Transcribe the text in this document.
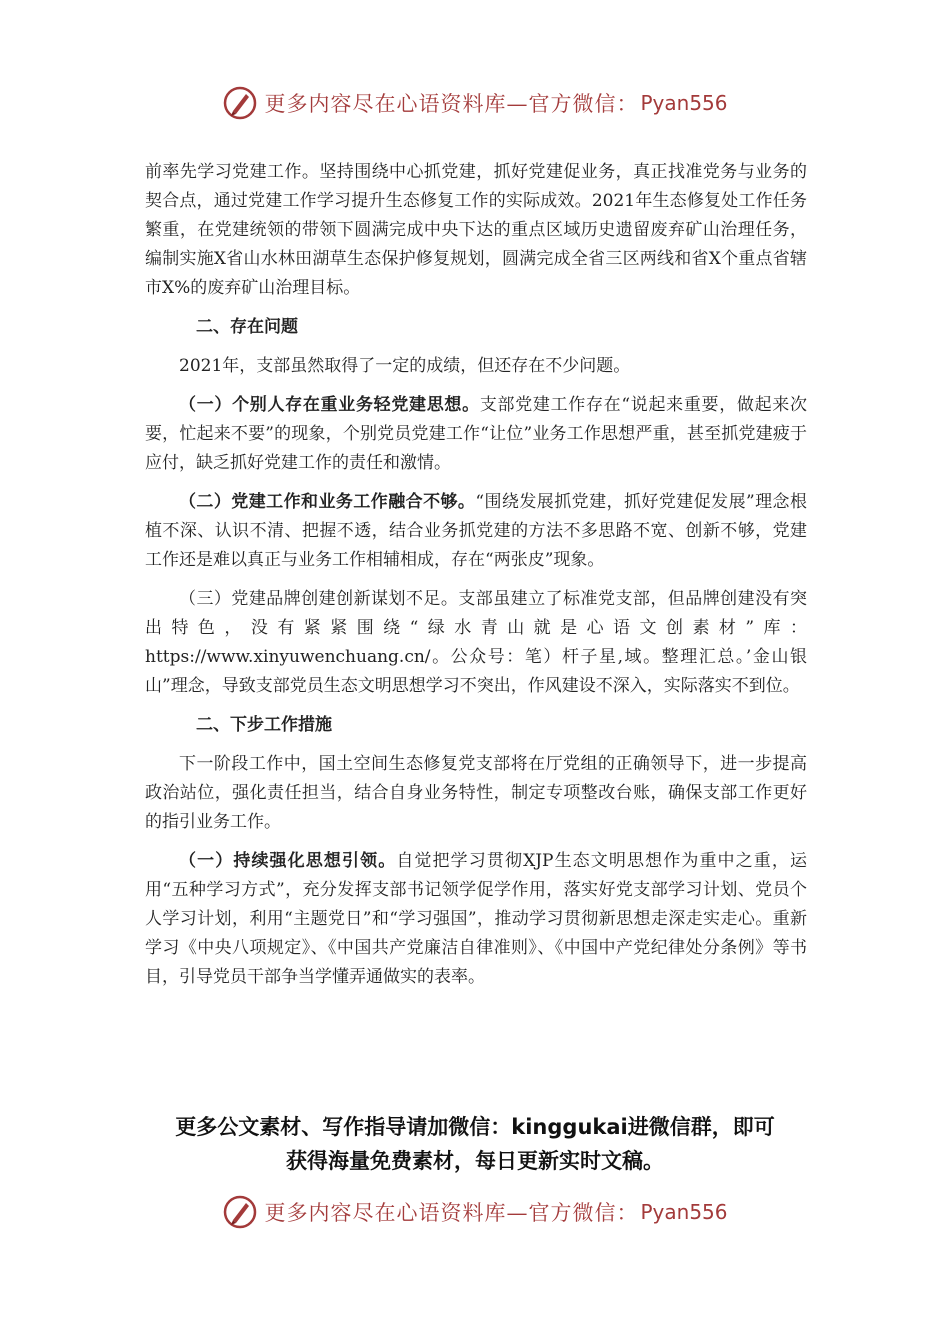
更多内容尽在心语资料库—官方微信： Pyan556

前率先学习党建工作。坚持围绕中心抓党建，抓好党建促业务，真正找准党务与业务的契合点，通过党建工作学习提升生态修复工作的实际成效。2021年生态修复处工作任务繁重，在党建统领的带领下圆满完成中央下达的重点区域历史遗留废弃矿山治理任务，编制实施X省山水林田湖草生态保护修复规划，圆满完成全省三区两线和省X个重点省辖市X%的废弃矿山治理目标。

二、存在问题

2021年，支部虽然取得了一定的成绩，但还存在不少问题。

（一）个别人存在重业务轻党建思想。支部党建工作存在“说起来重要，做起来次要，忙起来不要”的现象，个别党员党建工作“让位”业务工作思想严重，甚至抓党建疲于应付，缺乏抓好党建工作的责任和激情。

（二）党建工作和业务工作融合不够。“围绕发展抓党建，抓好党建促发展”理念根植不深、认识不清、把握不透，结合业务抓党建的方法不多思路不宽、创新不够，党建工作还是难以真正与业务工作相辅相成，存在“两张皮”现象。

（三）党建品牌创建创新谋划不足。支部虽建立了标准党支部，但品牌创建没有突出特色，没有紧紧围绕“绿水青山就是心语文创素材”库：https://www.xinyuwenchuang.cn/。公众号：笔）杆子星,域。整理汇总。’金山银山”理念，导致支部党员生态文明思想学习不突出，作风建设不深入，实际落实不到位。

二、下步工作措施

下一阶段工作中，国土空间生态修复党支部将在厅党组的正确领导下，进一步提高政治站位，强化责任担当，结合自身业务特性，制定专项整改台账，确保支部工作更好的指引业务工作。

（一）持续强化思想引领。自觉把学习贯彻XJP生态文明思想作为重中之重，运用“五种学习方式”，充分发挥支部书记领学促学作用，落实好党支部学习计划、党员个人学习计划，利用“主题党日”和“学习强国”，推动学习贯彻新思想走深走实走心。重新学习《中央八项规定》、《中国共产党廉洁自律准则》、《中国中产党纪律处分条例》等书目，引导党员干部争当学懂弄通做实的表率。

更多公文素材、写作指导请加微信：kinggukai进微信群，即可
获得海量免费素材，每日更新实时文稿。
更多内容尽在心语资料库—官方微信： Pyan556
